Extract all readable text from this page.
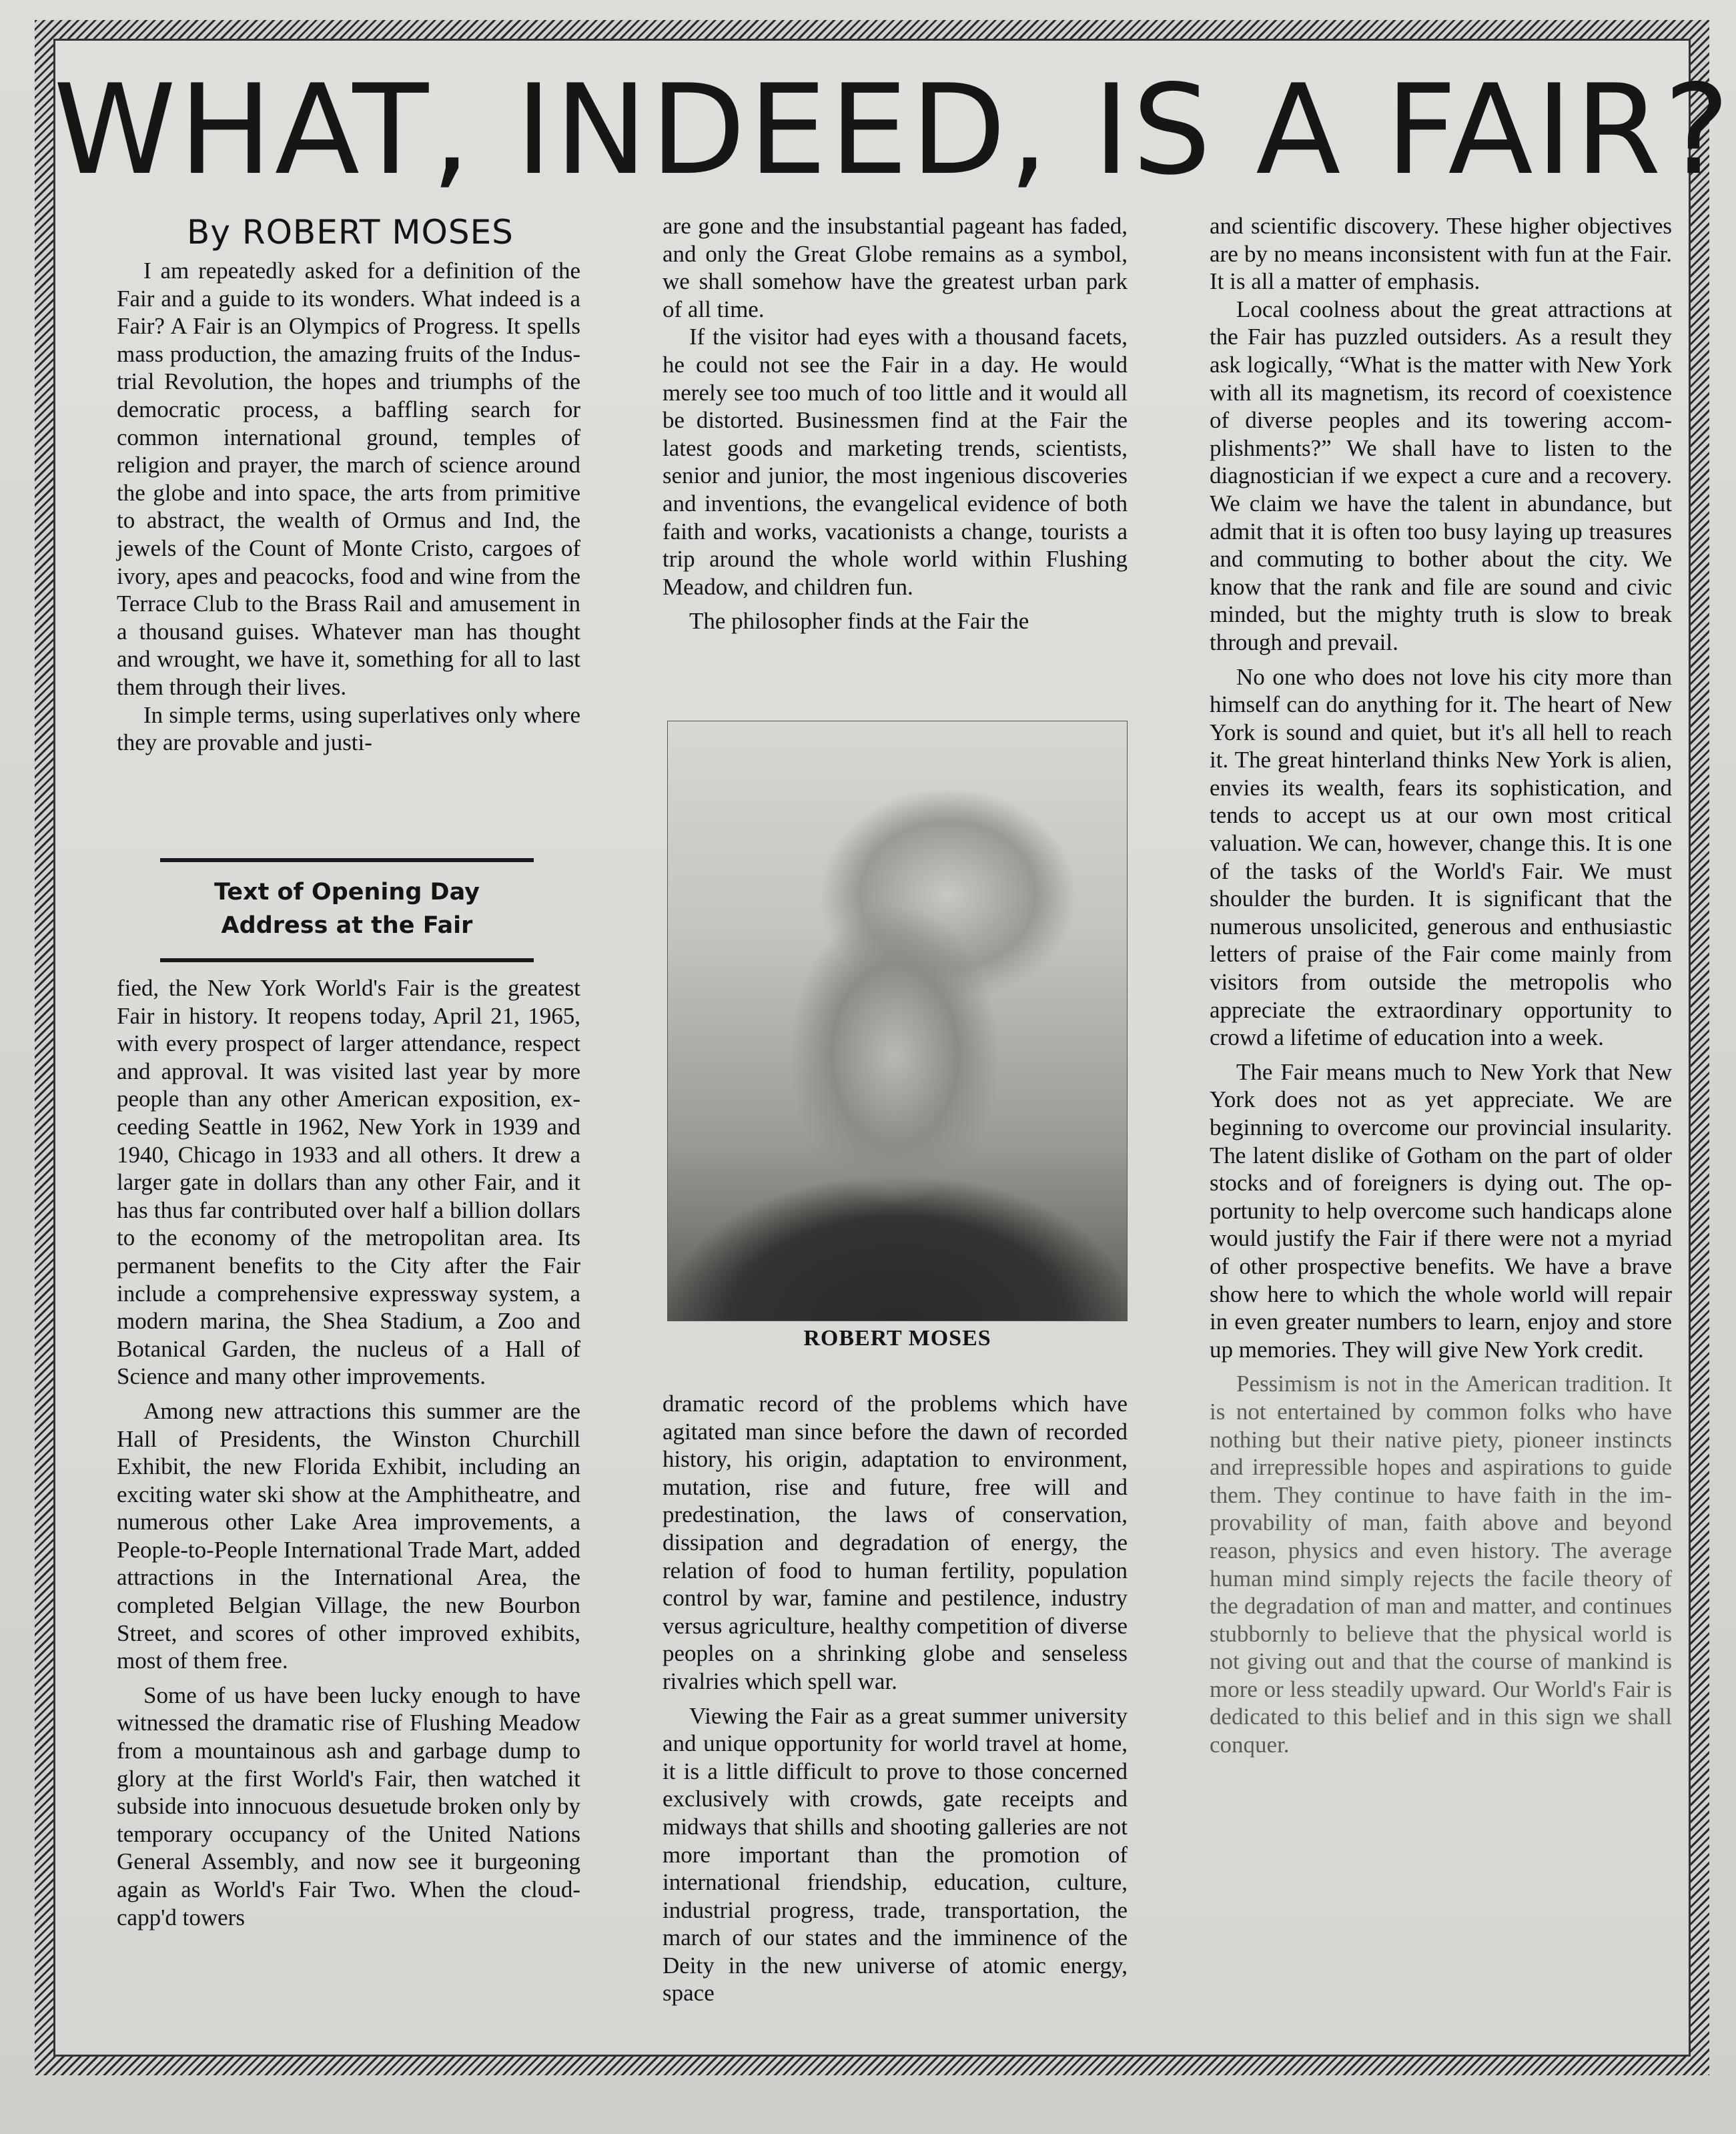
WHAT, INDEED, IS A FAIR?
By ROBERT MOSES

I am repeatedly asked for a definition of the Fair and a guide to its wonders. What indeed is a Fair? A Fair is an Olympics of Progress. It spells mass production, the amazing fruits of the Industrial Revolution, the hopes and triumphs of the democratic process, a baffling search for common international ground, temples of religion and prayer, the march of science around the globe and into space, the arts from primitive to abstract, the wealth of Ormus and Ind, the jewels of the Count of Monte Cristo, cargoes of ivory, apes and peacocks, food and wine from the Terrace Club to the Brass Rail and amusement in a thousand guises. Whatever man has thought and wrought, we have it, something for all to last them through their lives.

In simple terms, using superlatives only where they are provable and justi-

Text of Opening Day
Address at the Fair

fied, the New York World's Fair is the greatest Fair in history. It reopens today, April 21, 1965, with every prospect of larger attendance, respect and approval. It was visited last year by more people than any other American exposition, exceeding Seattle in 1962, New York in 1939 and 1940, Chicago in 1933 and all others. It drew a larger gate in dollars than any other Fair, and it has thus far contributed over half a billion dollars to the economy of the metropolitan area. Its permanent benefits to the City after the Fair include a comprehensive expressway system, a modern marina, the Shea Stadium, a Zoo and Botanical Garden, the nucleus of a Hall of Science and many other improvements.

Among new attractions this summer are the Hall of Presidents, the Winston Churchill Exhibit, the new Florida Exhibit, including an exciting water ski show at the Amphitheatre, and numerous other Lake Area improvements, a People-to-People International Trade Mart, added attractions in the International Area, the completed Belgian Village, the new Bourbon Street, and scores of other improved exhibits, most of them free.

Some of us have been lucky enough to have witnessed the dramatic rise of Flushing Meadow from a mountainous ash and garbage dump to glory at the first World's Fair, then watched it subside into innocuous desuetude broken only by temporary occupancy of the United Nations General Assembly, and now see it burgeoning again as World's Fair Two. When the cloud-capp'd towers

are gone and the insubstantial pageant has faded, and only the Great Globe remains as a symbol, we shall somehow have the greatest urban park of all time.

If the visitor had eyes with a thousand facets, he could not see the Fair in a day. He would merely see too much of too little and it would all be distorted. Businessmen find at the Fair the latest goods and marketing trends, scientists, senior and junior, the most ingenious discoveries and inventions, the evangelical evidence of both faith and works, vacationists a change, tourists a trip around the whole world within Flushing Meadow, and children fun.

The philosopher finds at the Fair the

ROBERT MOSES

dramatic record of the problems which have agitated man since before the dawn of recorded history, his origin, adaptation to environment, mutation, rise and future, free will and predestination, the laws of conservation, dissipation and degradation of energy, the relation of food to human fertility, population control by war, famine and pestilence, industry versus agriculture, healthy competition of diverse peoples on a shrinking globe and senseless rivalries which spell war.

Viewing the Fair as a great summer university and unique opportunity for world travel at home, it is a little difficult to prove to those concerned exclusively with crowds, gate receipts and midways that shills and shooting galleries are not more important than the promotion of international friendship, education, culture, industrial progress, trade, transportation, the march of our states and the imminence of the Deity in the new universe of atomic energy, space

and scientific discovery. These higher objectives are by no means inconsistent with fun at the Fair. It is all a matter of emphasis.

Local coolness about the great attractions at the Fair has puzzled outsiders. As a result they ask logically, “What is the matter with New York with all its magnetism, its record of coexistence of diverse peoples and its towering accomplishments?” We shall have to listen to the diagnostician if we expect a cure and a recovery. We claim we have the talent in abundance, but admit that it is often too busy laying up treasures and commuting to bother about the city. We know that the rank and file are sound and civic minded, but the mighty truth is slow to break through and prevail.

No one who does not love his city more than himself can do anything for it. The heart of New York is sound and quiet, but it's all hell to reach it. The great hinterland thinks New York is alien, envies its wealth, fears its sophistication, and tends to accept us at our own most critical valuation. We can, however, change this. It is one of the tasks of the World's Fair. We must shoulder the burden. It is significant that the numerous unsolicited, generous and enthusiastic letters of praise of the Fair come mainly from visitors from outside the metropolis who appreciate the extraordinary opportunity to crowd a lifetime of education into a week.

The Fair means much to New York that New York does not as yet appreciate. We are beginning to overcome our provincial insularity. The latent dislike of Gotham on the part of older stocks and of foreigners is dying out. The opportunity to help overcome such handicaps alone would justify the Fair if there were not a myriad of other prospective benefits. We have a brave show here to which the whole world will repair in even greater numbers to learn, enjoy and store up memories. They will give New York credit.

Pessimism is not in the American tradition. It is not entertained by common folks who have nothing but their native piety, pioneer instincts and irrepressible hopes and aspirations to guide them. They continue to have faith in the improvability of man, faith above and beyond reason, physics and even history. The average human mind simply rejects the facile theory of the degradation of man and matter, and continues stubbornly to believe that the physical world is not giving out and that the course of mankind is more or less steadily upward. Our World's Fair is dedicated to this belief and in this sign we shall conquer.
